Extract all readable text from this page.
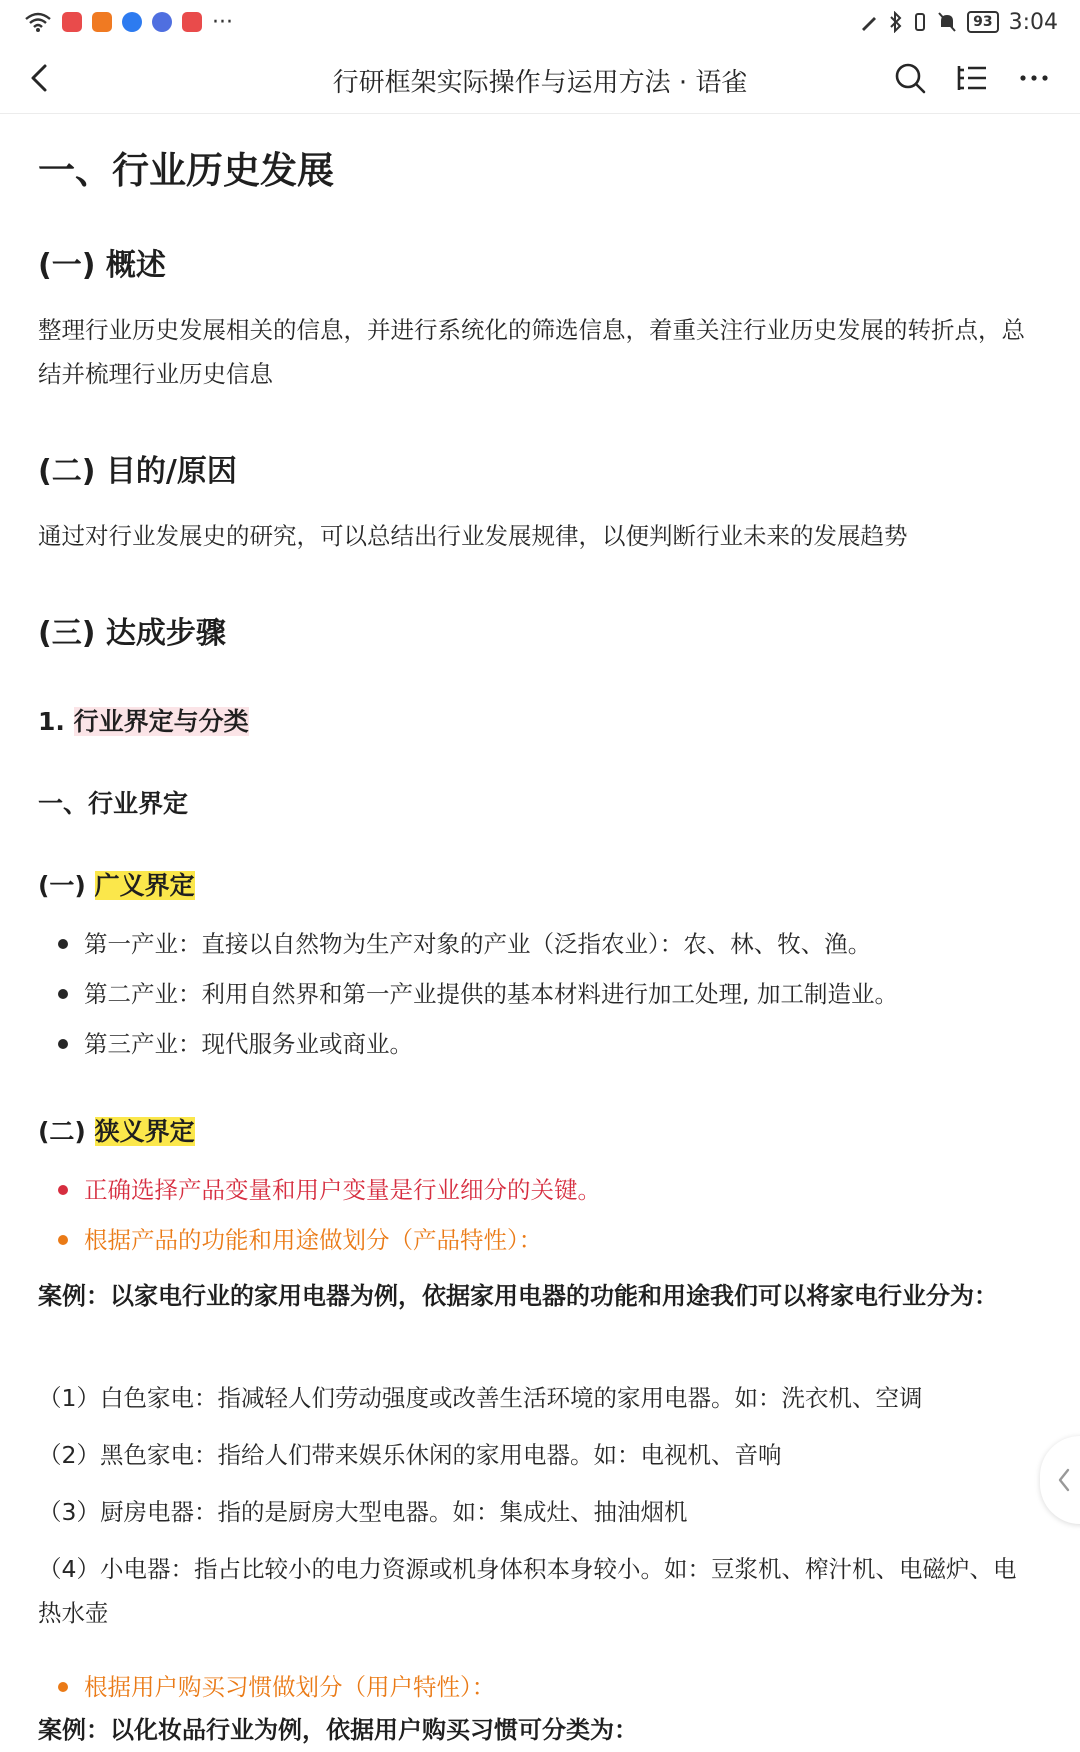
···	93 3:04
行研框架实际操作与运用方法 · 语雀
一、行业历史发展
(一) 概述
整理行业历史发展相关的信息，并进行系统化的筛选信息，着重关注行业历史发展的转折点，总结并梳理行业历史信息
(二) 目的/原因
通过对行业发展史的研究，可以总结出行业发展规律，以便判断行业未来的发展趋势
(三) 达成步骤
1. 行业界定与分类
一、行业界定
(一) 广义界定
第一产业：直接以自然物为生产对象的产业（泛指农业）：农、林、牧、渔。
第二产业：利用自然界和第一产业提供的基本材料进行加工处理, 加工制造业。
第三产业：现代服务业或商业。
(二) 狭义界定
正确选择产品变量和用户变量是行业细分的关键。
根据产品的功能和用途做划分（产品特性）：
案例：以家电行业的家用电器为例，依据家用电器的功能和用途我们可以将家电行业分为：
（1）白色家电：指减轻人们劳动强度或改善生活环境的家用电器。如：洗衣机、空调
（2）黑色家电：指给人们带来娱乐休闲的家用电器。如：电视机、音响
（3）厨房电器：指的是厨房大型电器。如：集成灶、抽油烟机
（4）小电器：指占比较小的电力资源或机身体积本身较小。如：豆浆机、榨汁机、电磁炉、电热水壶
根据用户购买习惯做划分（用户特性）：
案例：以化妆品行业为例，依据用户购买习惯可分类为：
